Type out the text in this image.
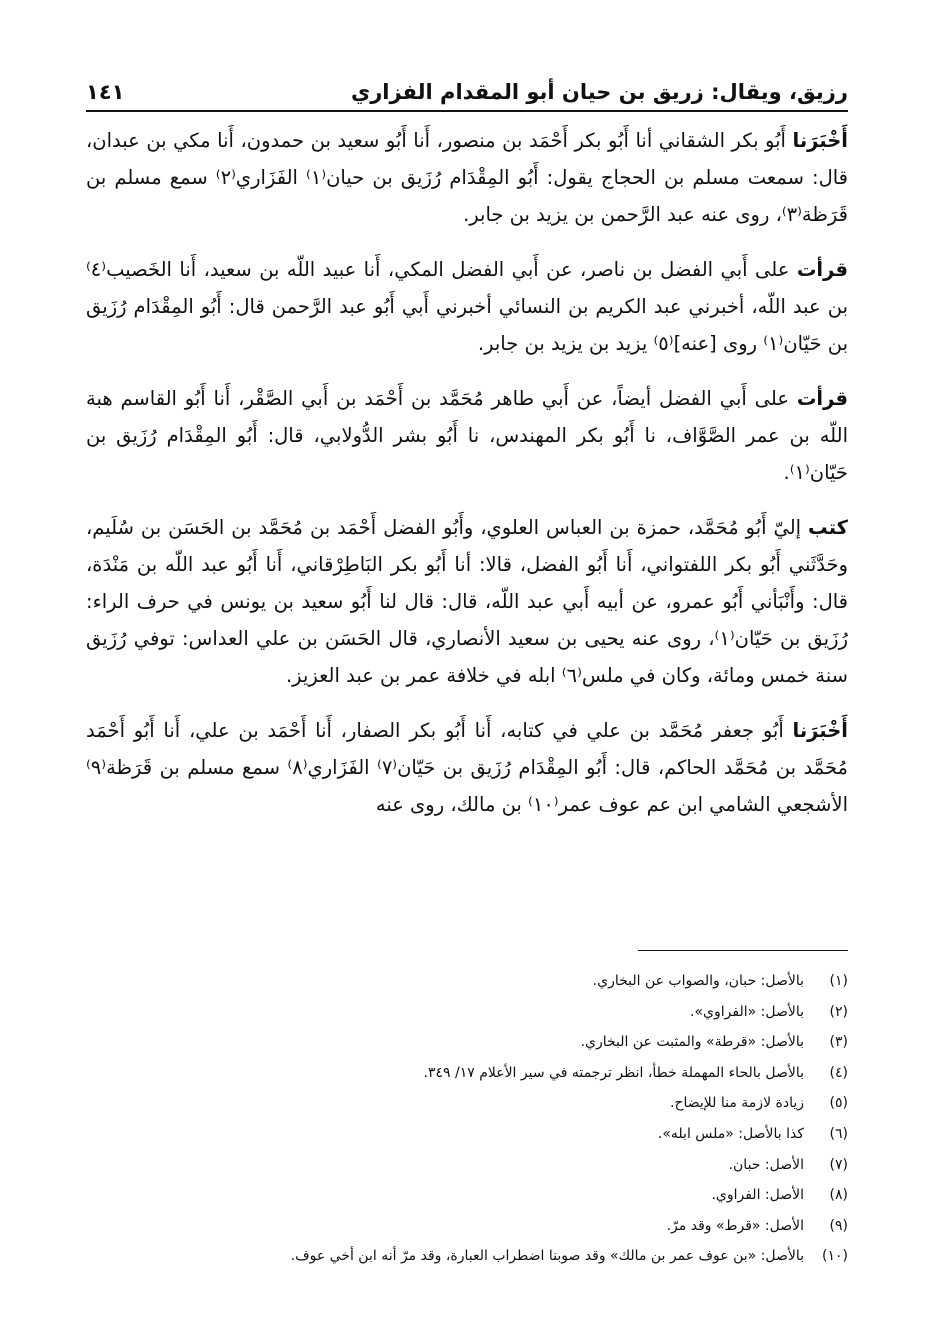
رزيق، ويقال: زريق بن حيان أبو المقدام الفزاري
١٤١

أَخْبَرَنا أَبُو بكر الشقاني أنا أَبُو بكر أَحْمَد بن منصور، أَنا أَبُو سعيد بن حمدون، أَنا مكي بن عبدان، قال: سمعت مسلم بن الحجاج يقول: أَبُو المِقْدَام رُزَيق بن حيان⁽١⁾ الفَزَاري⁽٢⁾ سمع مسلم بن قَرَظة⁽٣⁾، روى عنه عبد الرَّحمن بن يزيد بن جابر.

قرأت على أَبي الفضل بن ناصر، عن أَبي الفضل المكي، أَنا عبيد اللّه بن سعيد، أَنا الخَصيب⁽٤⁾ بن عبد اللّه، أخبرني عبد الكريم بن النسائي أخبرني أَبي أَبُو عبد الرَّحمن قال: أَبُو المِقْدَام رُزَيق بن حَيّان⁽١⁾ روى [عنه]⁽٥⁾ يزيد بن يزيد بن جابر.

قرأت على أَبي الفضل أيضاً، عن أَبي طاهر مُحَمَّد بن أَحْمَد بن أَبي الصَّقْر، أَنا أَبُو القاسم هبة اللّه بن عمر الصَّوَّاف، نا أَبُو بكر المهندس، نا أَبُو بشر الدُّولابي، قال: أَبُو المِقْدَام رُزَيق بن حَيّان⁽١⁾.

كتب إليّ أَبُو مُحَمَّد، حمزة بن العباس العلوي، وأَبُو الفضل أَحْمَد بن مُحَمَّد بن الحَسَن بن سُلَيم، وحَدَّثَني أَبُو بكر اللفتواني، أَنا أَبُو الفضل، قالا: أنا أَبُو بكر البَاطِرْقاني، أَنا أَبُو عبد اللّه بن مَنْدَة، قال: وأَنْبَأني أَبُو عمرو، عن أبيه أَبي عبد اللّه، قال: قال لنا أَبُو سعيد بن يونس في حرف الراء: رُزَيق بن حَيّان⁽١⁾، روى عنه يحيى بن سعيد الأنصاري، قال الحَسَن بن علي العداس: توفي رُزَيق سنة خمس ومائة، وكان في ملس⁽٦⁾ ابله في خلافة عمر بن عبد العزيز.

أَخْبَرَنا أَبُو جعفر مُحَمَّد بن علي في كتابه، أَنا أَبُو بكر الصفار، أَنا أَحْمَد بن علي، أَنا أَبُو أَحْمَد مُحَمَّد بن مُحَمَّد الحاكم، قال: أَبُو المِقْدَام رُزَيق بن حَيّان⁽٧⁾ الفَزَاري⁽٨⁾ سمع مسلم بن قَرَظة⁽٩⁾ الأشجعي الشامي ابن عم عوف عمر⁽١٠⁾ بن مالك، روى عنه

(١)
بالأصل: حبان، والصواب عن البخاري.
(٢)
بالأصل: «الفراوي».
(٣)
بالأصل: «قرطة» والمثبت عن البخاري.
(٤)
بالأصل بالحاء المهملة خطأ، انظر ترجمته في سير الأعلام ١٧/ ٣٤٩.
(٥)
زيادة لازمة منا للإيضاح.
(٦)
كذا بالأصل: «ملس ابله».
(٧)
الأصل: حبان.
(٨)
الأصل: الفراوي.
(٩)
الأصل: «قرط» وقد مرّ.
(١٠)
بالأصل: «بن عوف عمر بن مالك» وقد صوبنا اضطراب العبارة، وقد مرّ أنه ابن أخي عوف.
